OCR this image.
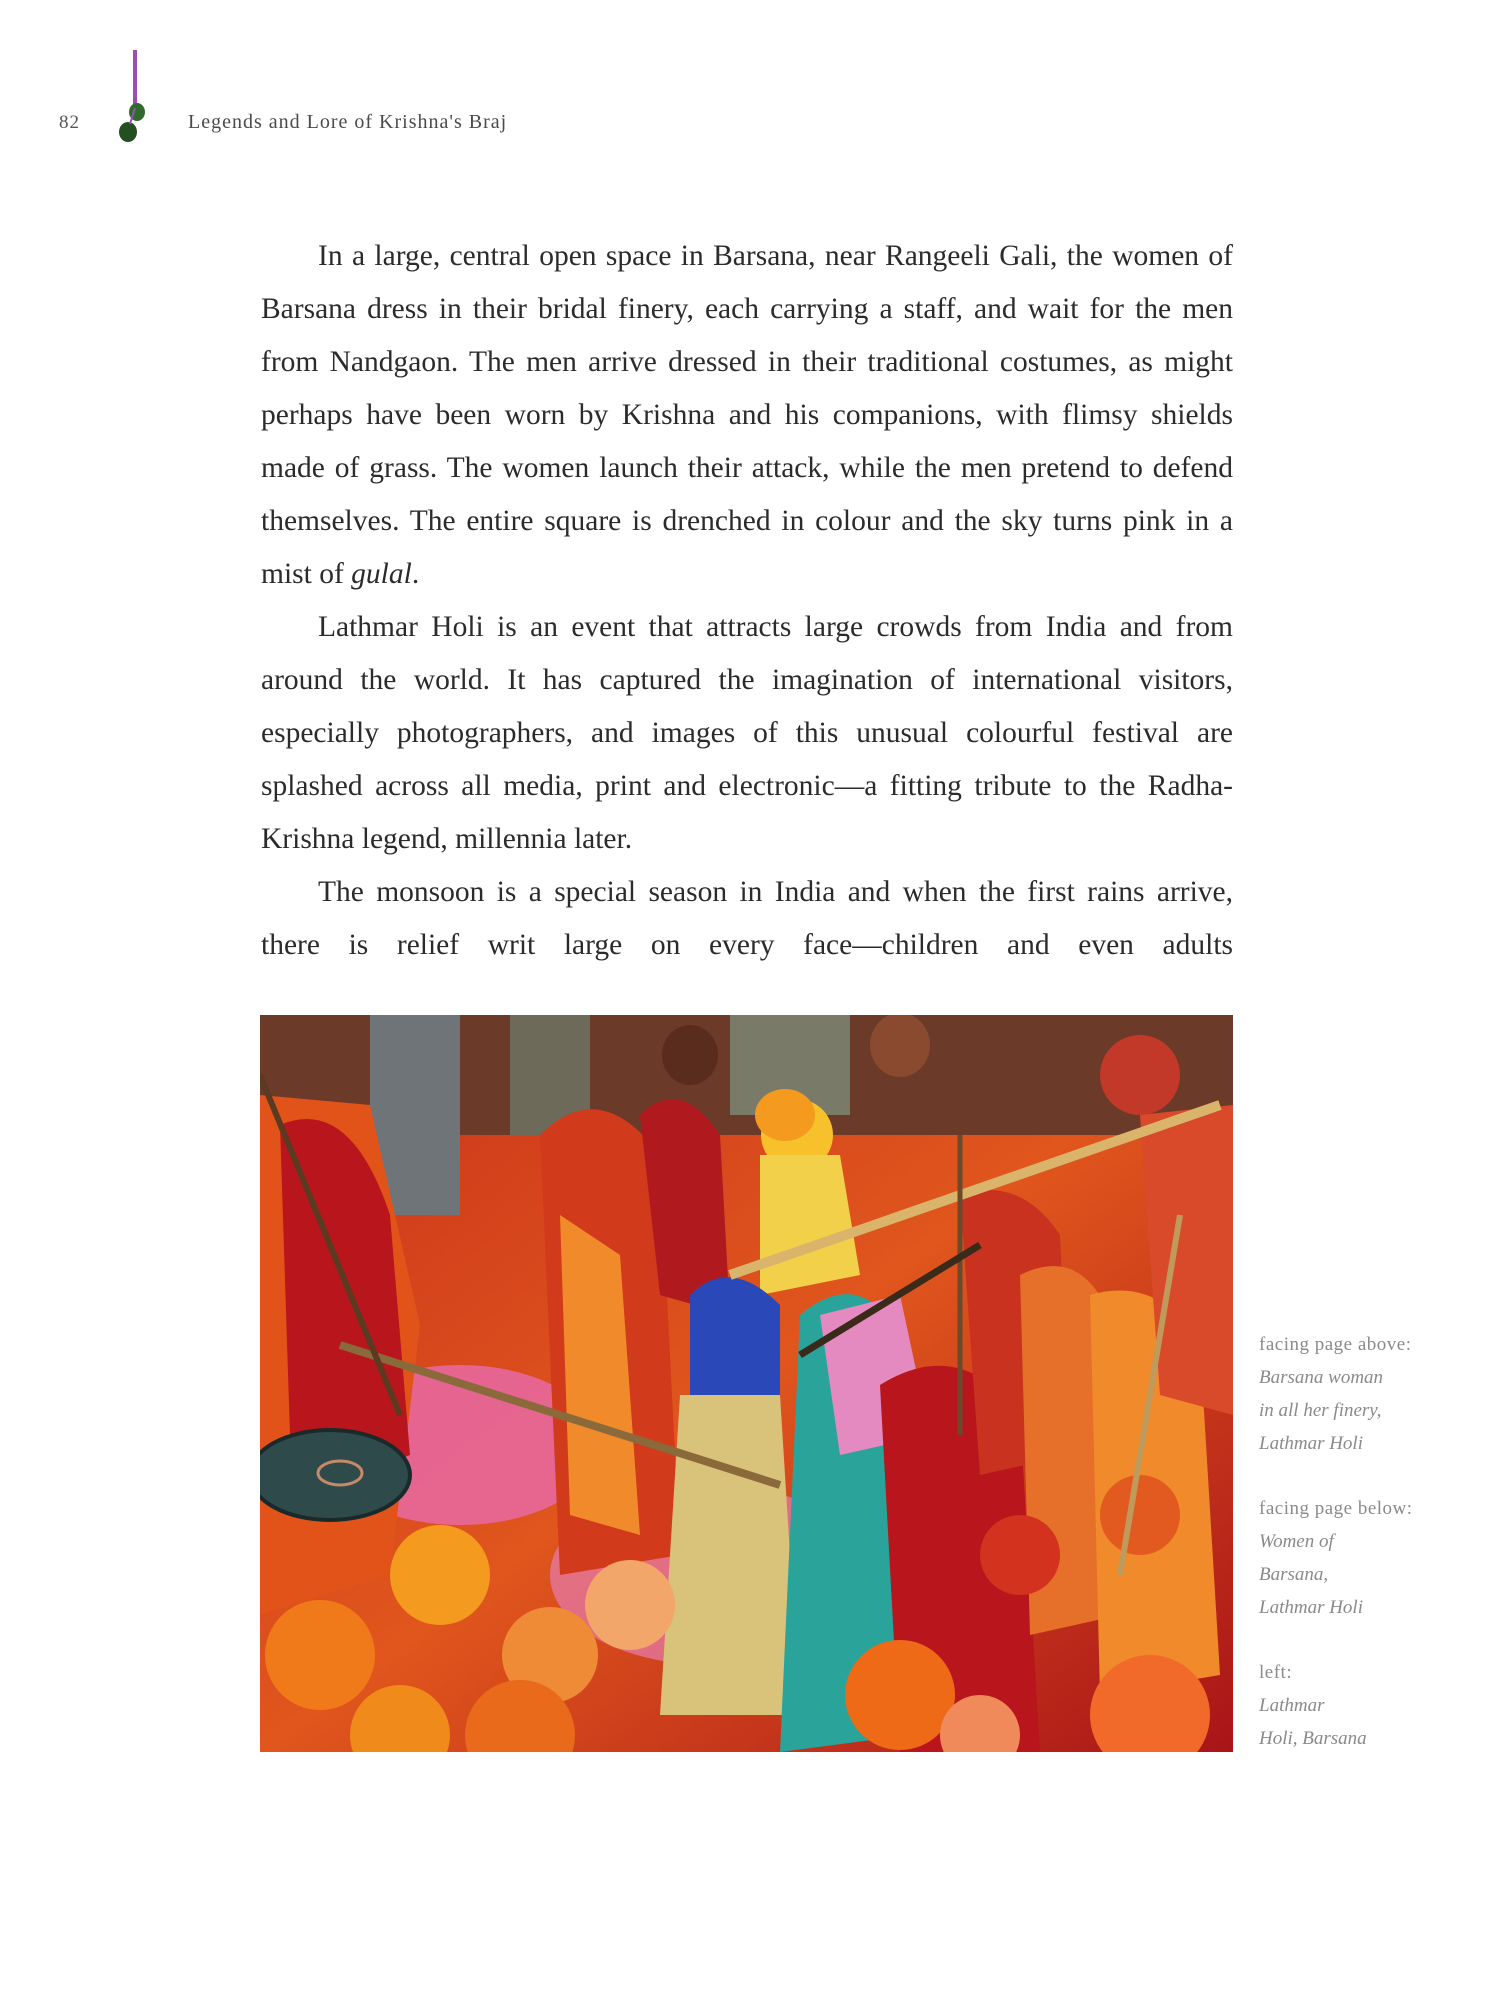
82	Legends and Lore of Krishna's Braj

In a large, central open space in Barsana, near Rangeeli Gali, the women of Barsana dress in their bridal finery, each carrying a staff, and wait for the men from Nandgaon. The men arrive dressed in their traditional costumes, as might perhaps have been worn by Krishna and his companions, with flimsy shields made of grass. The women launch their attack, while the men pretend to defend themselves. The entire square is drenched in colour and the sky turns pink in a mist of gulal.

Lathmar Holi is an event that attracts large crowds from India and from around the world. It has captured the imagination of international visitors, especially photographers, and images of this unusual colourful festival are splashed across all media, print and electronic—a fitting tribute to the Radha-Krishna legend, millennia later.

The monsoon is a special season in India and when the first rains arrive, there is relief writ large on every face—children and even adults

facing page above:
Barsana woman
in all her finery,
Lathmar Holi
facing page below:
Women of
Barsana,
Lathmar Holi
left:
Lathmar
Holi, Barsana
